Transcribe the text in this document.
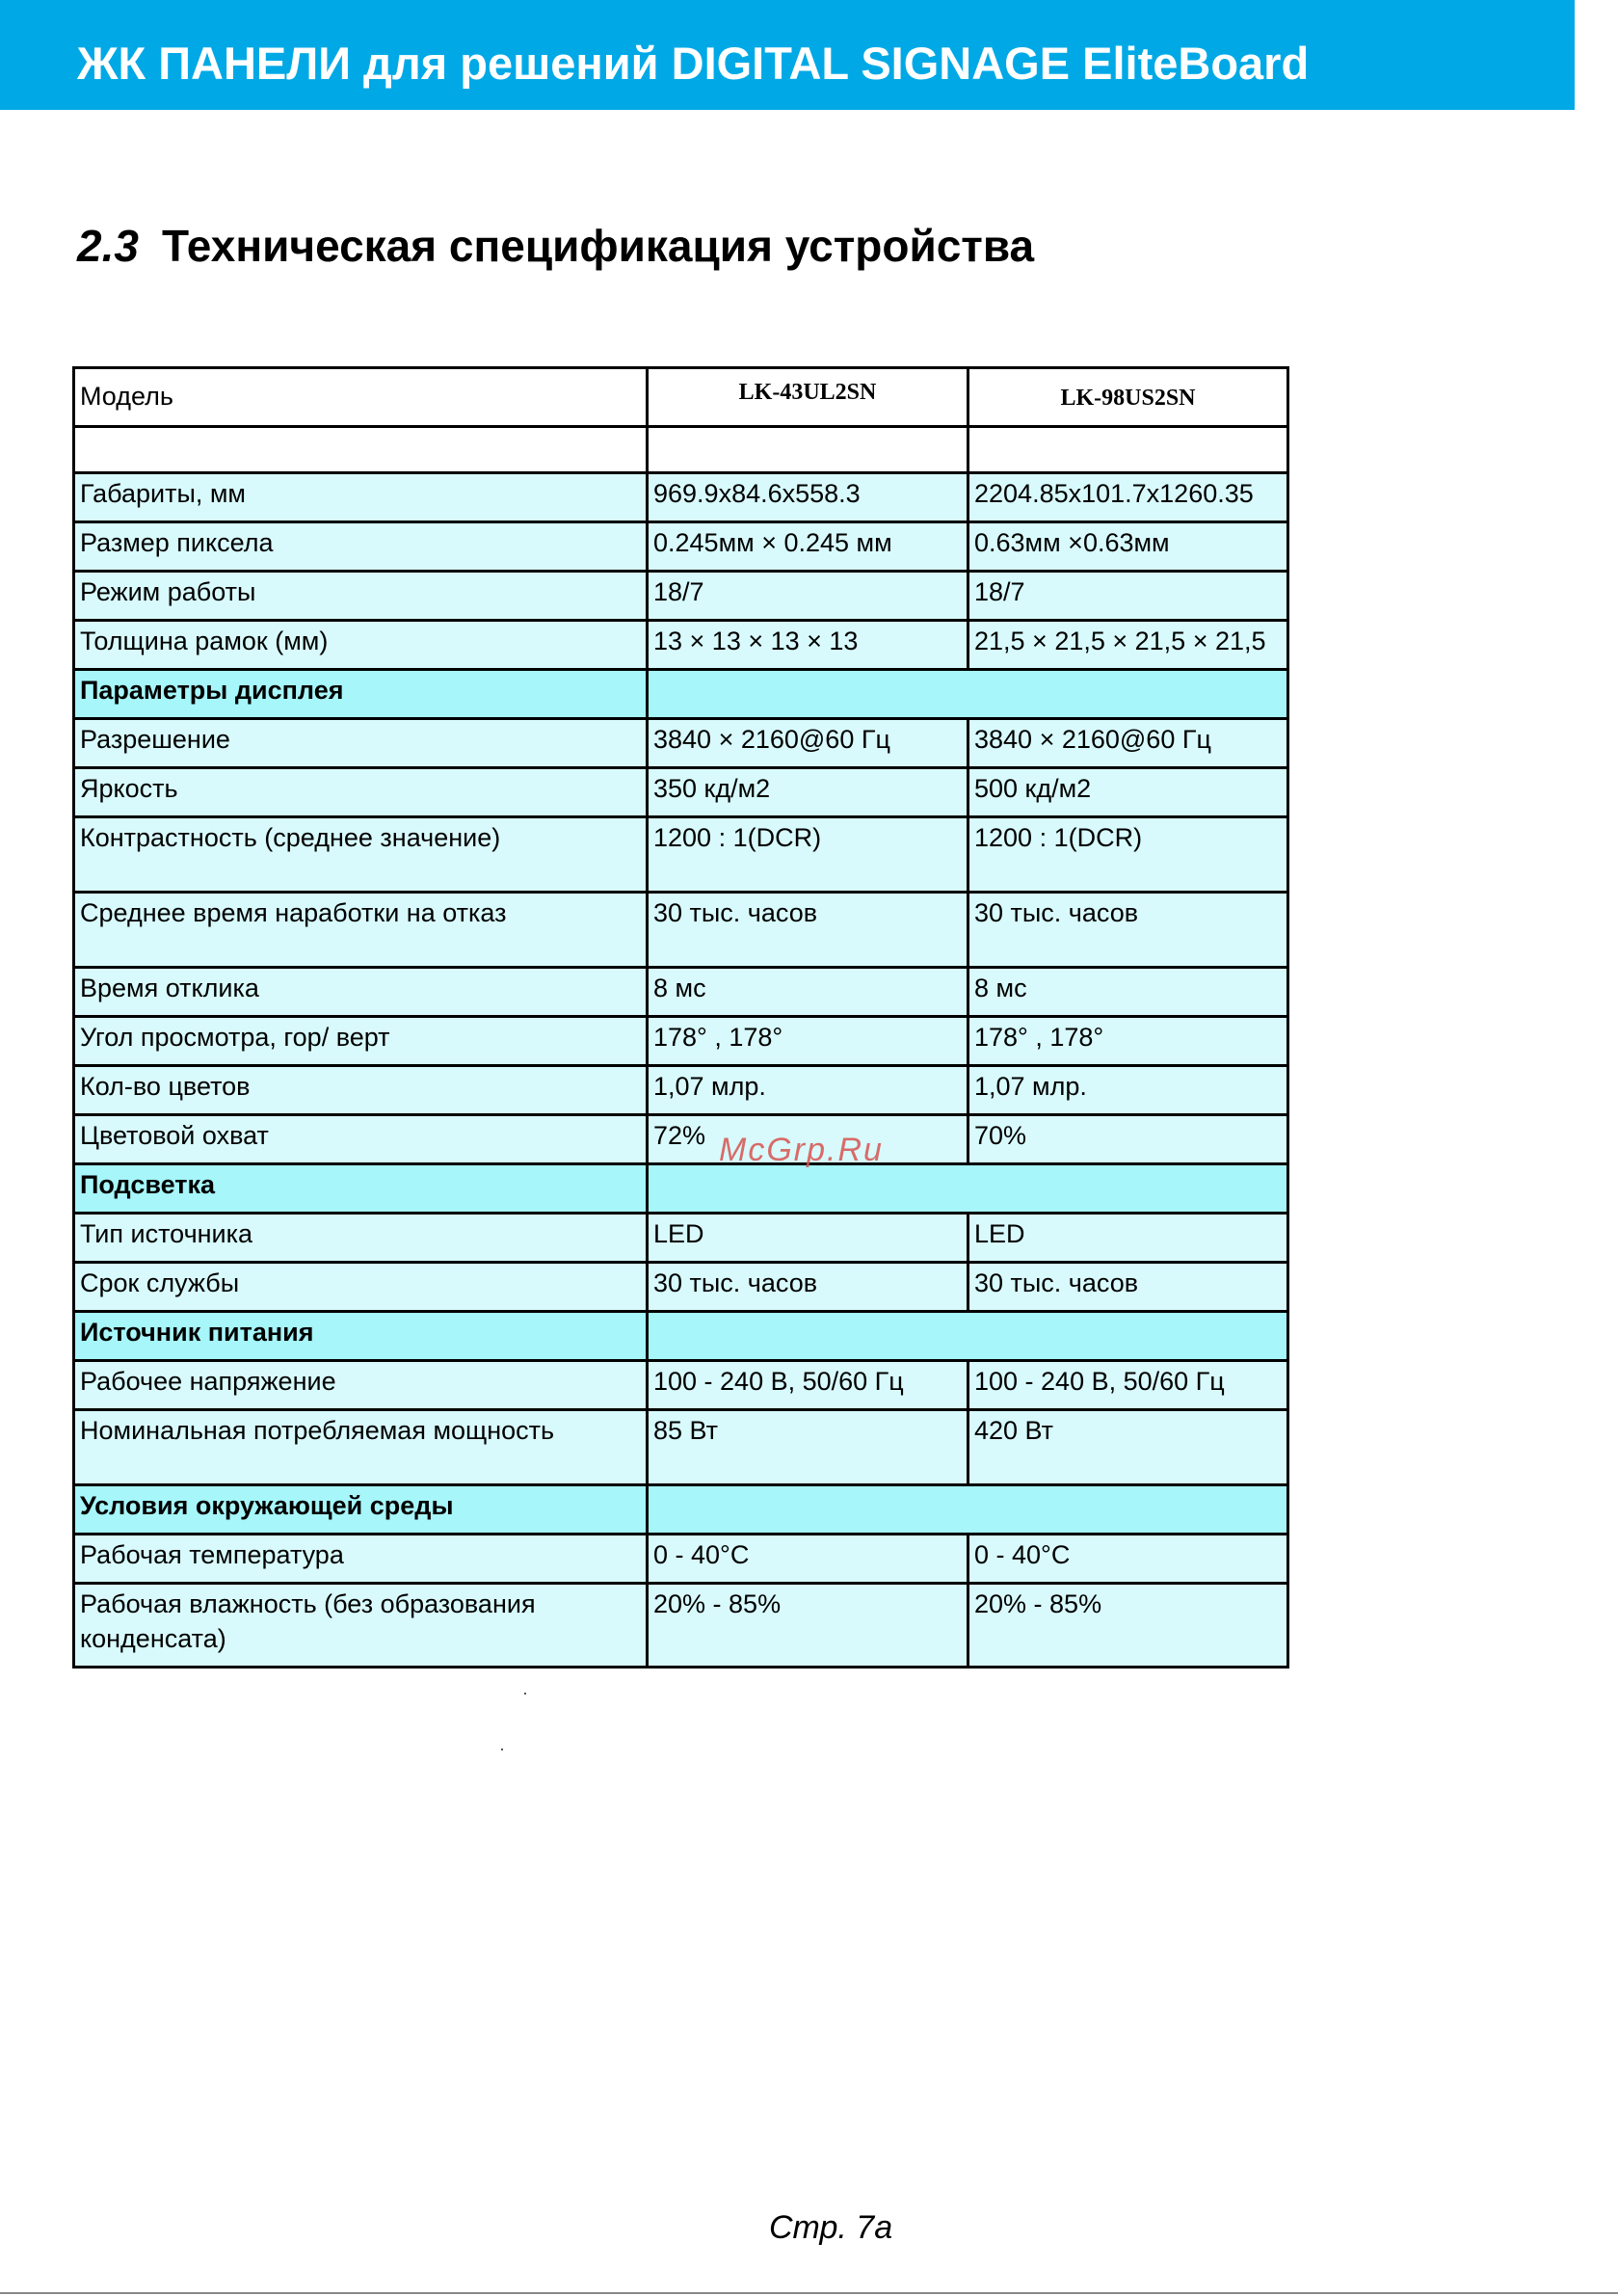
ЖК ПАНЕЛИ для решений DIGITAL SIGNAGE EliteBoard
2.3 Техническая спецификация устройства
Модель	LK-43UL2SN	LK-98US2SN

Габариты, мм	969.9x84.6x558.3	2204.85x101.7x1260.35
Размер пиксела	0.245мм × 0.245 мм	0.63мм ×0.63мм
Режим работы	18/7	18/7
Толщина рамок (мм)	13 × 13 × 13 × 13	21,5 × 21,5 × 21,5 × 21,5
Параметры дисплея		
Разрешение	3840 × 2160@60 Гц	3840 × 2160@60 Гц
Яркость	350 кд/м2	500 кд/м2
Контрастность (среднее значение)	1200 : 1(DCR)	1200 : 1(DCR)
Среднее время наработки на отказ	30 тыс. часов	30 тыс. часов
Время отклика	8 мс	8 мс
Угол просмотра, гор/ верт	178° , 178°	178° , 178°
Кол-во цветов	1,07 млр.	1,07 млр.
Цветовой охват	72%	70%
Подсветка		
Тип источника	LED	LED
Срок службы	30 тыс. часов	30 тыс. часов
Источник питания		
Рабочее напряжение	100 - 240 В, 50/60 Гц	100 - 240 В, 50/60 Гц
Номинальная потребляемая мощность	85 Вт	420 Вт
Условия окружающей среды		
Рабочая температура	0 - 40°C	0 - 40°C
Рабочая влажность (без образования конденсата)	20% - 85%	20% - 85%
McGrp.Ru
Стр. 7a
